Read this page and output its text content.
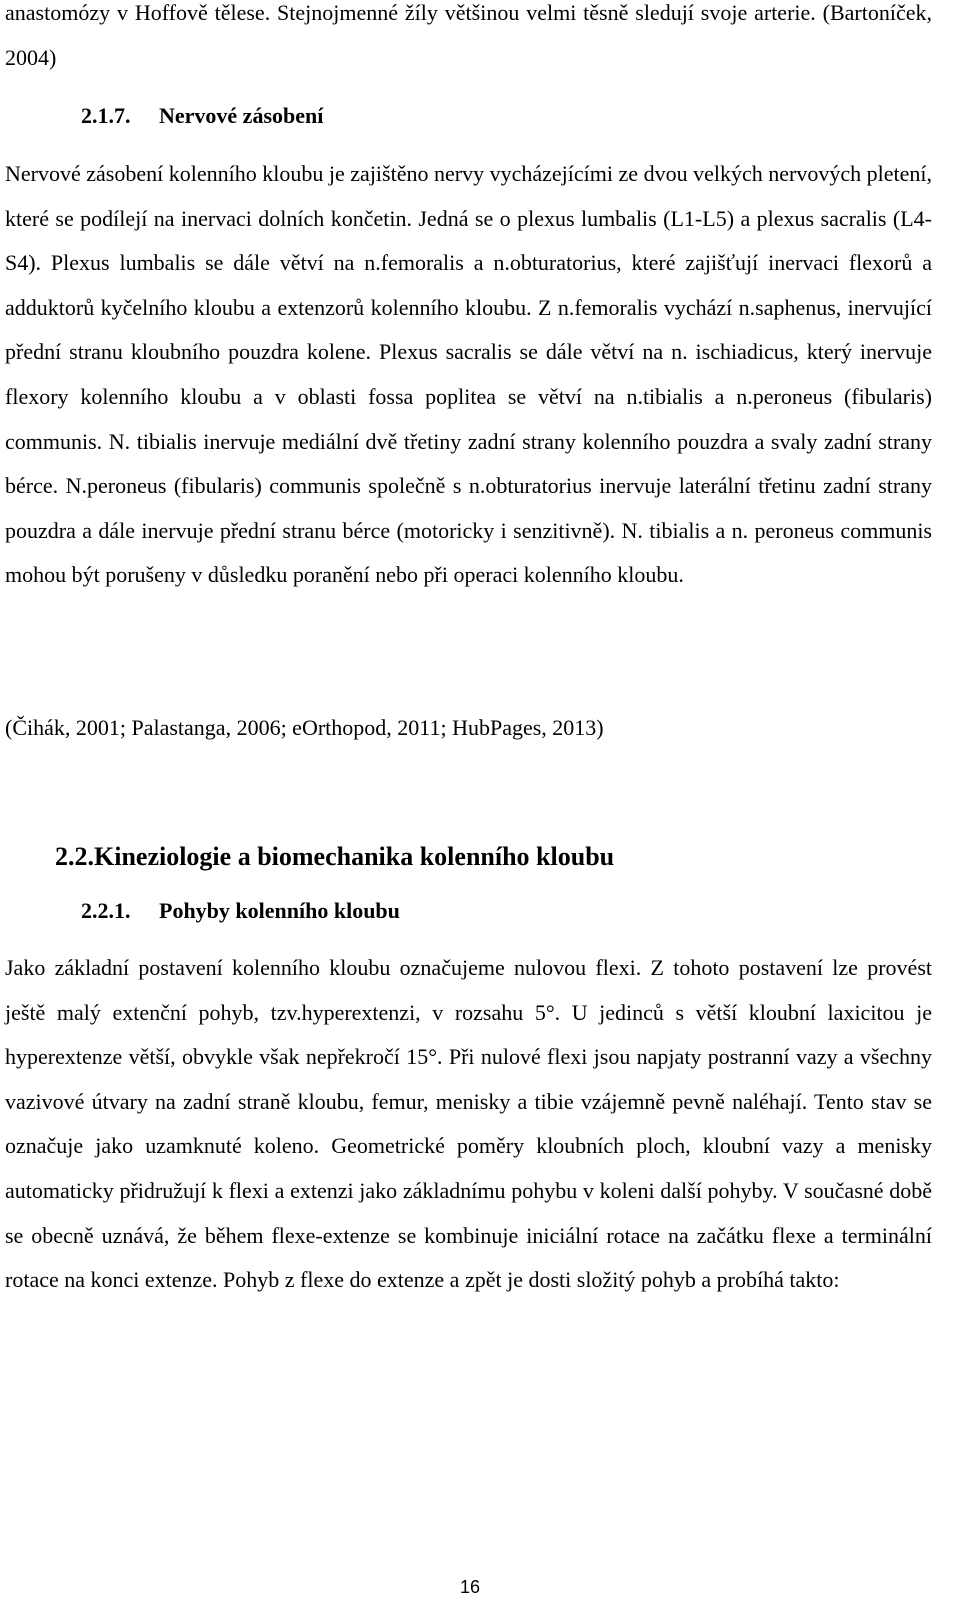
anastomózy v Hoffově tělese. Stejnojmenné žíly většinou velmi těsně sledují svoje arterie. (Bartoníček, 2004)

2.1.7. Nervové zásobení

Nervové zásobení kolenního kloubu je zajištěno nervy vycházejícími ze dvou velkých nervových pletení, které se podílejí na inervaci dolních končetin. Jedná se o plexus lumbalis (L1-L5) a plexus sacralis (L4-S4). Plexus lumbalis se dále větví na n.femoralis a n.obturatorius, které zajišťují inervaci flexorů a adduktorů kyčelního kloubu a extenzorů kolenního kloubu. Z n.femoralis vychází n.saphenus, inervující přední stranu kloubního pouzdra kolene. Plexus sacralis se dále větví na n. ischiadicus, který inervuje flexory kolenního kloubu a v oblasti fossa poplitea se větví na n.tibialis a n.peroneus (fibularis) communis. N. tibialis inervuje mediální dvě třetiny zadní strany kolenního pouzdra a svaly zadní strany bérce. N.peroneus (fibularis) communis společně s n.obturatorius inervuje laterální třetinu zadní strany pouzdra a dále inervuje přední stranu bérce (motoricky i senzitivně). N. tibialis a n. peroneus communis mohou být porušeny v důsledku poranění nebo při operaci kolenního kloubu.

(Čihák, 2001; Palastanga, 2006; eOrthopod, 2011; HubPages, 2013)

2.2.Kineziologie a biomechanika kolenního kloubu
2.2.1. Pohyby kolenního kloubu

Jako základní postavení kolenního kloubu označujeme nulovou flexi. Z tohoto postavení lze provést ještě malý extenční pohyb, tzv.hyperextenzi, v rozsahu 5°. U jedinců s větší kloubní laxicitou je hyperextenze větší, obvykle však nepřekročí 15°. Při nulové flexi jsou napjaty postranní vazy a všechny vazivové útvary na zadní straně kloubu, femur, menisky a tibie vzájemně pevně naléhají. Tento stav se označuje jako uzamknuté koleno. Geometrické poměry kloubních ploch, kloubní vazy a menisky automaticky přidružují k flexi a extenzi jako základnímu pohybu v koleni další pohyby. V současné době se obecně uznává, že během flexe-extenze se kombinuje iniciální rotace na začátku flexe a terminální rotace na konci extenze. Pohyb z flexe do extenze a zpět je dosti složitý pohyb a probíhá takto:

16
